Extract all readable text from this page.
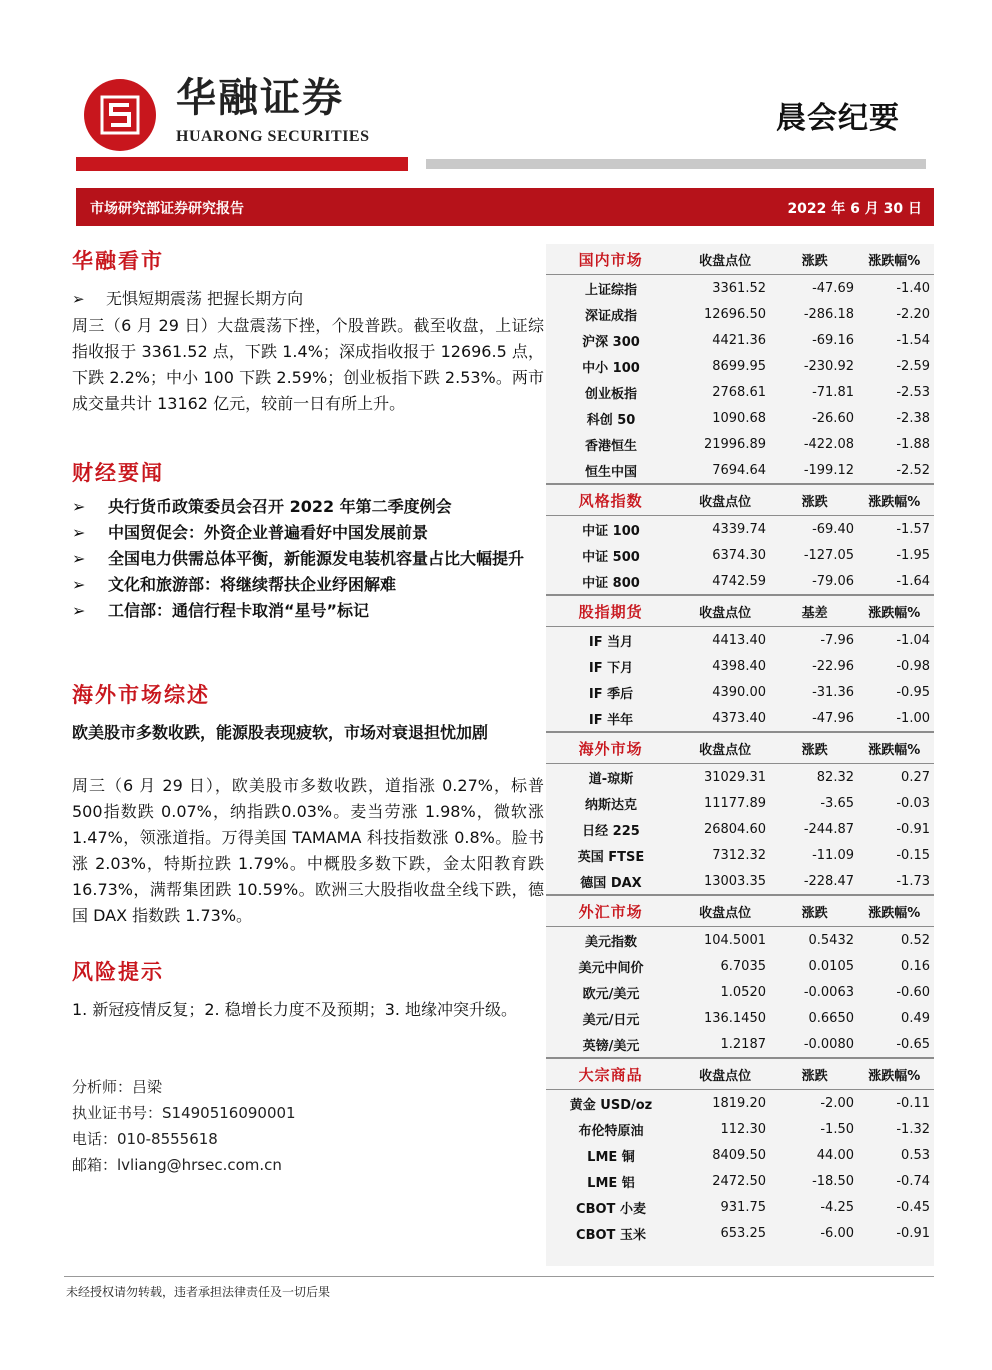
华融证券
HUARONG SECURITIES
晨会纪要
市场研究部证券研究报告	2022 年 6 月 30 日
华融看市
➢ 无惧短期震荡 把握长期方向
周三（6 月 29 日）大盘震荡下挫，个股普跌。截至收盘，上证综指收报于 3361.52 点，下跌 1.4%；深成指收报于 12696.5 点，下跌 2.2%；中小 100 下跌 2.59%；创业板指下跌 2.53%。两市成交量共计 13162 亿元，较前一日有所上升。
财经要闻
➢	央行货币政策委员会召开 2022 年第二季度例会
➢	中国贸促会：外资企业普遍看好中国发展前景
➢	全国电力供需总体平衡，新能源发电装机容量占比大幅提升
➢	文化和旅游部：将继续帮扶企业纾困解难
➢	工信部：通信行程卡取消“星号”标记
海外市场综述
欧美股市多数收跌，能源股表现疲软，市场对衰退担忧加剧
周三（6 月 29 日），欧美股市多数收跌，道指涨 0.27%，标普500指数跌 0.07%，纳指跌0.03%。麦当劳涨 1.98%，微软涨 1.47%，领涨道指。万得美国 TAMAMA 科技指数涨 0.8%。脸书涨 2.03%，特斯拉跌 1.79%。中概股多数下跌，金太阳教育跌 16.73%，满帮集团跌 10.59%。欧洲三大股指收盘全线下跌，德国 DAX 指数跌 1.73%。
风险提示
1. 新冠疫情反复；2. 稳增长力度不及预期；3. 地缘冲突升级。
分析师：吕梁
执业证书号：S1490516090001
电话：010-8555618
邮箱：lvliang@hrsec.com.cn
国内市场	收盘点位	涨跌	涨跌幅%
上证综指	3361.52	-47.69	-1.40
深证成指	12696.50	-286.18	-2.20
沪深 300	4421.36	-69.16	-1.54
中小 100	8699.95	-230.92	-2.59
创业板指	2768.61	-71.81	-2.53
科创 50	1090.68	-26.60	-2.38
香港恒生	21996.89	-422.08	-1.88
恒生中国	7694.64	-199.12	-2.52
风格指数	收盘点位	涨跌	涨跌幅%
中证 100	4339.74	-69.40	-1.57
中证 500	6374.30	-127.05	-1.95
中证 800	4742.59	-79.06	-1.64
股指期货	收盘点位	基差	涨跌幅%
IF 当月	4413.40	-7.96	-1.04
IF 下月	4398.40	-22.96	-0.98
IF 季后	4390.00	-31.36	-0.95
IF 半年	4373.40	-47.96	-1.00
海外市场	收盘点位	涨跌	涨跌幅%
道-琼斯	31029.31	82.32	0.27
纳斯达克	11177.89	-3.65	-0.03
日经 225	26804.60	-244.87	-0.91
英国 FTSE	7312.32	-11.09	-0.15
德国 DAX	13003.35	-228.47	-1.73
外汇市场	收盘点位	涨跌	涨跌幅%
美元指数	104.5001	0.5432	0.52
美元中间价	6.7035	0.0105	0.16
欧元/美元	1.0520	-0.0063	-0.60
美元/日元	136.1450	0.6650	0.49
英镑/美元	1.2187	-0.0080	-0.65
大宗商品	收盘点位	涨跌	涨跌幅%
黄金 USD/oz	1819.20	-2.00	-0.11
布伦特原油	112.30	-1.50	-1.32
LME 铜	8409.50	44.00	0.53
LME 铝	2472.50	-18.50	-0.74
CBOT 小麦	931.75	-4.25	-0.45
CBOT 玉米	653.25	-6.00	-0.91
未经授权请勿转载，违者承担法律责任及一切后果
